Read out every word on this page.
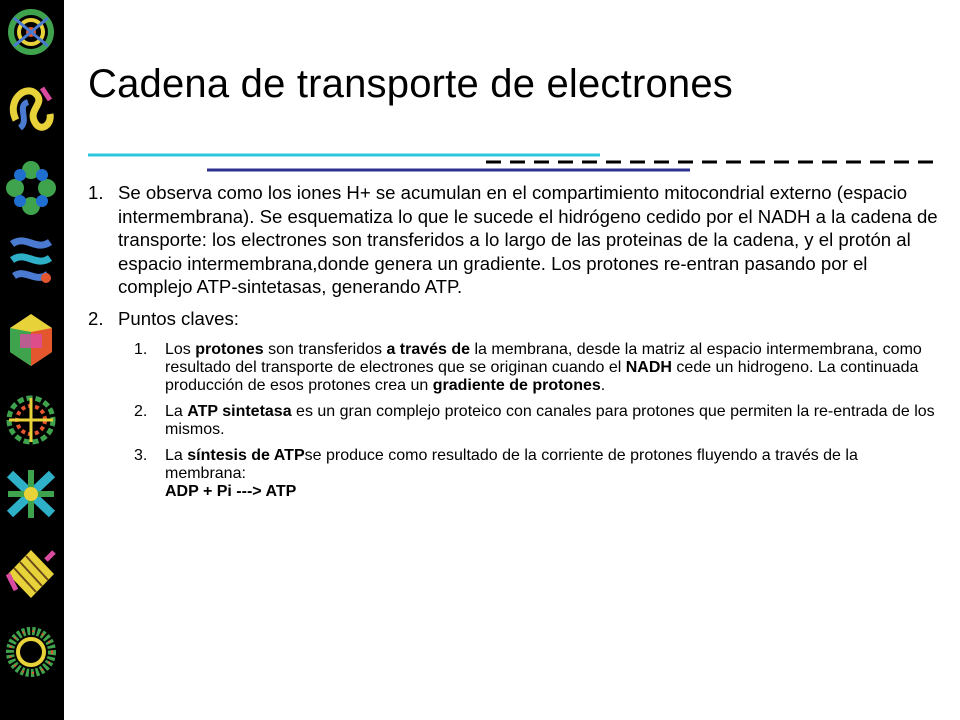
Cadena de transporte de electrones
1. Se observa como los iones H+ se acumulan en el compartimiento mitocondrial externo (espacio intermembrana). Se esquematiza lo que le sucede el hidrógeno cedido por el NADH a la cadena de transporte: los electrones son transferidos a lo largo de las proteinas de la cadena, y el protón al espacio intermembrana,donde genera un gradiente. Los protones re-entran pasando por el complejo ATP-sintetasas, generando ATP.
2. Puntos claves:
1.	Los protones son transferidos a través de la membrana, desde la matriz al espacio intermembrana, como resultado del transporte de electrones que se originan cuando el NADH cede un hidrogeno. La continuada producción de esos protones crea un gradiente de protones.
2.	La ATP sintetasa es un gran complejo proteico con canales para protones que permiten la re-entrada de los mismos.
3.	La síntesis de ATPse produce como resultado de la corriente de protones fluyendo a través de la membrana:
ADP + Pi ---> ATP
